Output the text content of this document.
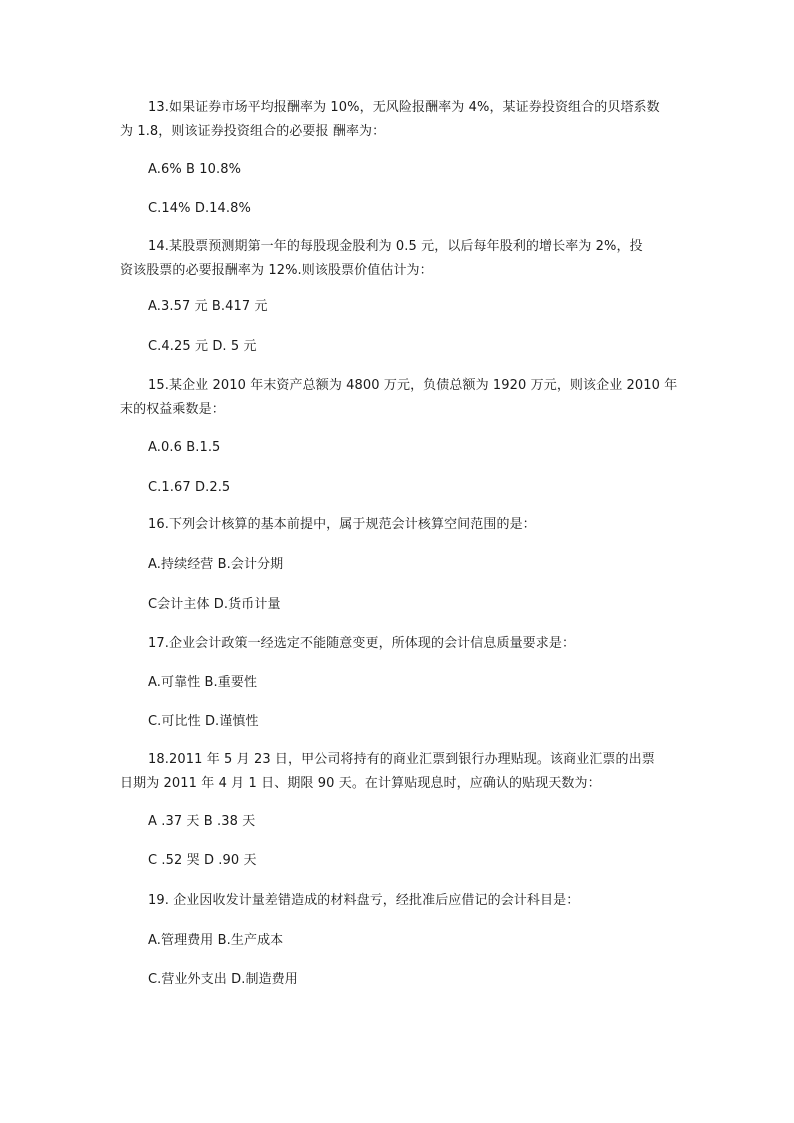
13.如果证券市场平均报酬率为 10%，无风险报酬率为 4%，某证券投资组合的贝塔系数
为 1.8，则该证券投资组合的必要报 酬率为：
A.6% B 10.8%
C.14% D.14.8%
14.某股票预测期第一年的每股现金股利为 0.5 元，以后每年股利的增长率为 2%，投
资该股票的必要报酬率为 12%.则该股票价值估计为：
A.3.57 元 B.417 元
C.4.25 元 D. 5 元
15.某企业 2010 年末资产总额为 4800 万元，负债总额为 1920 万元，则该企业 2010 年
末的权益乘数是：
A.0.6 B.1.5
C.1.67 D.2.5
16.下列会计核算的基本前提中，属于规范会计核算空间范围的是：
A.持续经营 B.会计分期
C会计主体 D.货币计量
17.企业会计政策一经选定不能随意变更，所体现的会计信息质量要求是：
A.可靠性 B.重要性
C.可比性 D.谨慎性
18.2011 年 5 月 23 日，甲公司将持有的商业汇票到银行办理贴现。该商业汇票的出票
日期为 2011 年 4 月 1 日、期限 90 天。在计算贴现息时，应确认的贴现天数为：
A .37 天 B .38 天
C .52 哭 D .90 天
19. 企业因收发计量差错造成的材料盘亏，经批准后应借记的会计科目是：
A.管理费用 B.生产成本
C.营业外支出 D.制造费用
